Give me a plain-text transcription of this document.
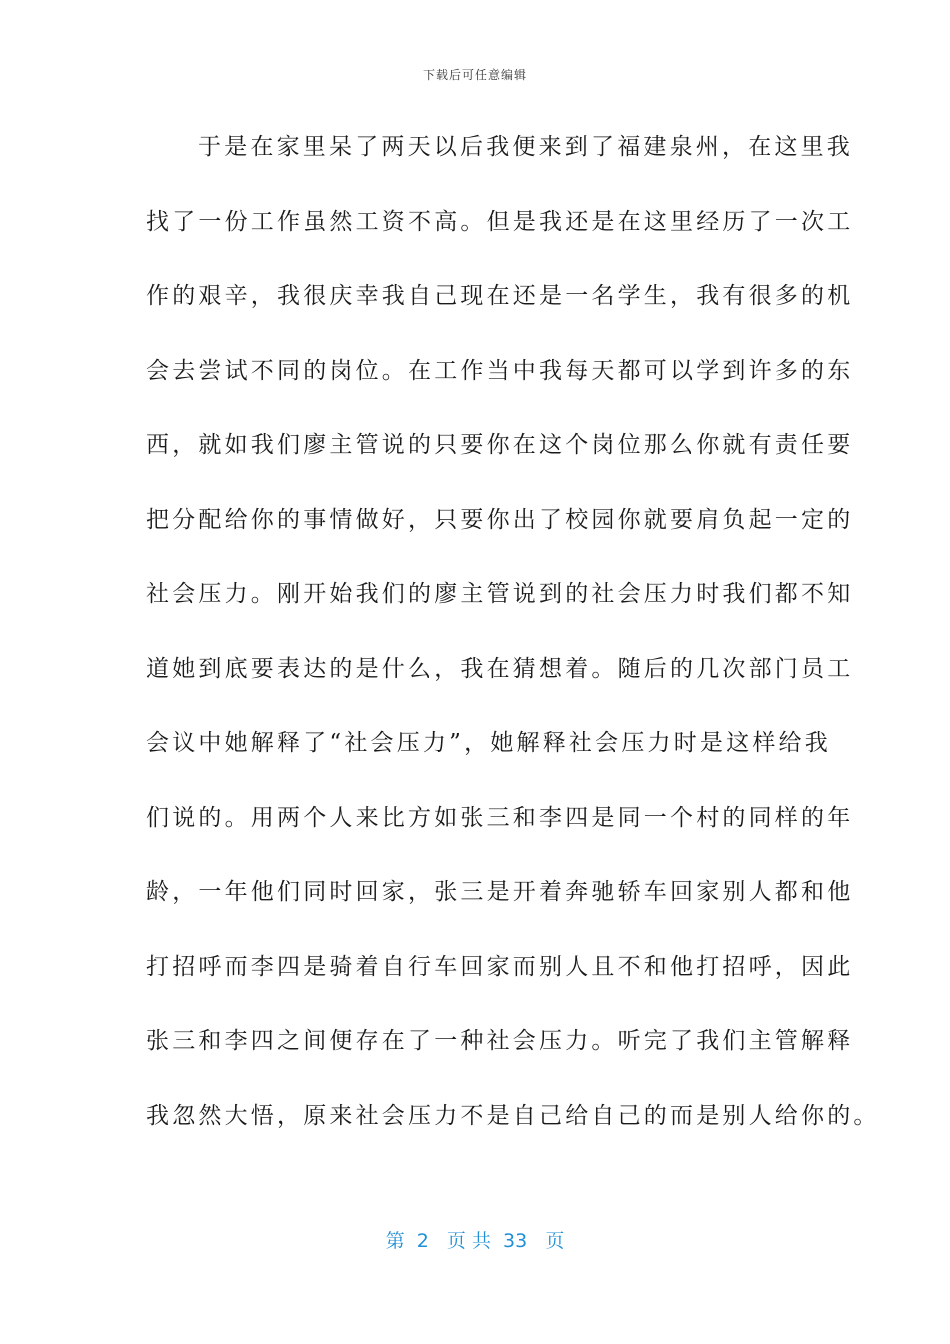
下载后可任意编辑
于是在家里呆了两天以后我便来到了福建泉州，在这里我
找了一份工作虽然工资不高。但是我还是在这里经历了一次工
作的艰辛，我很庆幸我自己现在还是一名学生，我有很多的机
会去尝试不同的岗位。在工作当中我每天都可以学到许多的东
西，就如我们廖主管说的只要你在这个岗位那么你就有责任要
把分配给你的事情做好，只要你出了校园你就要肩负起一定的
社会压力。刚开始我们的廖主管说到的社会压力时我们都不知
道她到底要表达的是什么，我在猜想着。随后的几次部门员工
会议中她解释了“社会压力”，她解释社会压力时是这样给我
们说的。用两个人来比方如张三和李四是同一个村的同样的年
龄，一年他们同时回家，张三是开着奔驰轿车回家别人都和他
打招呼而李四是骑着自行车回家而别人且不和他打招呼，因此
张三和李四之间便存在了一种社会压力。听完了我们主管解释
我忽然大悟，原来社会压力不是自己给自己的而是别人给你的。
第  2   页 共  33   页
